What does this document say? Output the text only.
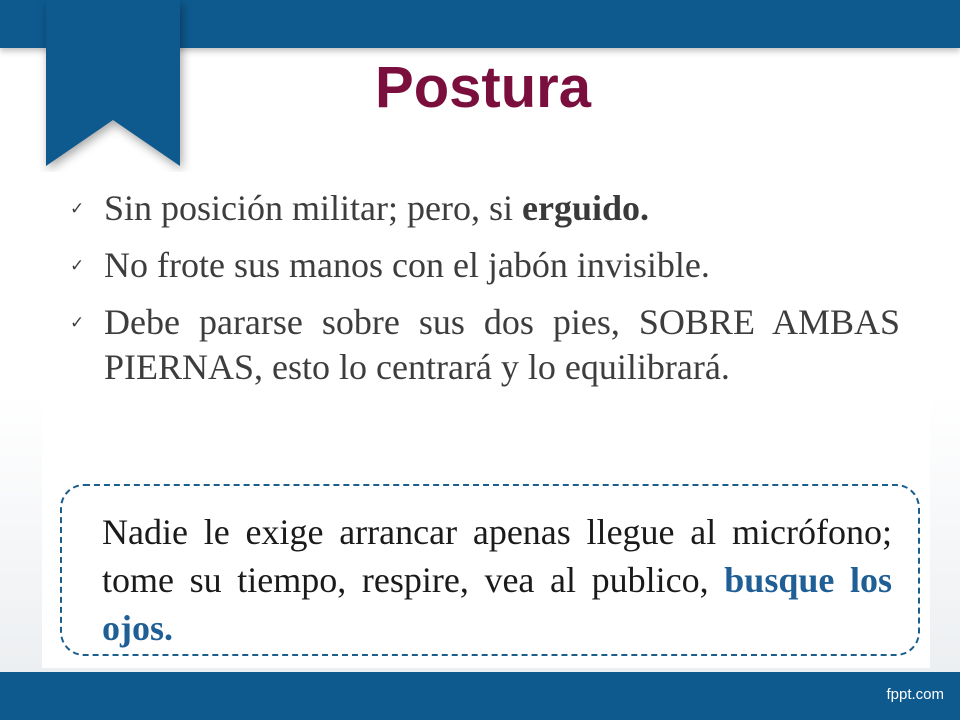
Postura
✓ Sin posición militar; pero, si erguido.
✓ No frote sus manos con el jabón invisible.
✓ Debe pararse sobre sus dos pies, SOBRE AMBAS PIERNAS, esto lo centrará y lo equilibrará.

Nadie le exige arrancar apenas llegue al micrófono; tome su tiempo, respire, vea al publico, busque los ojos.

fppt.com
